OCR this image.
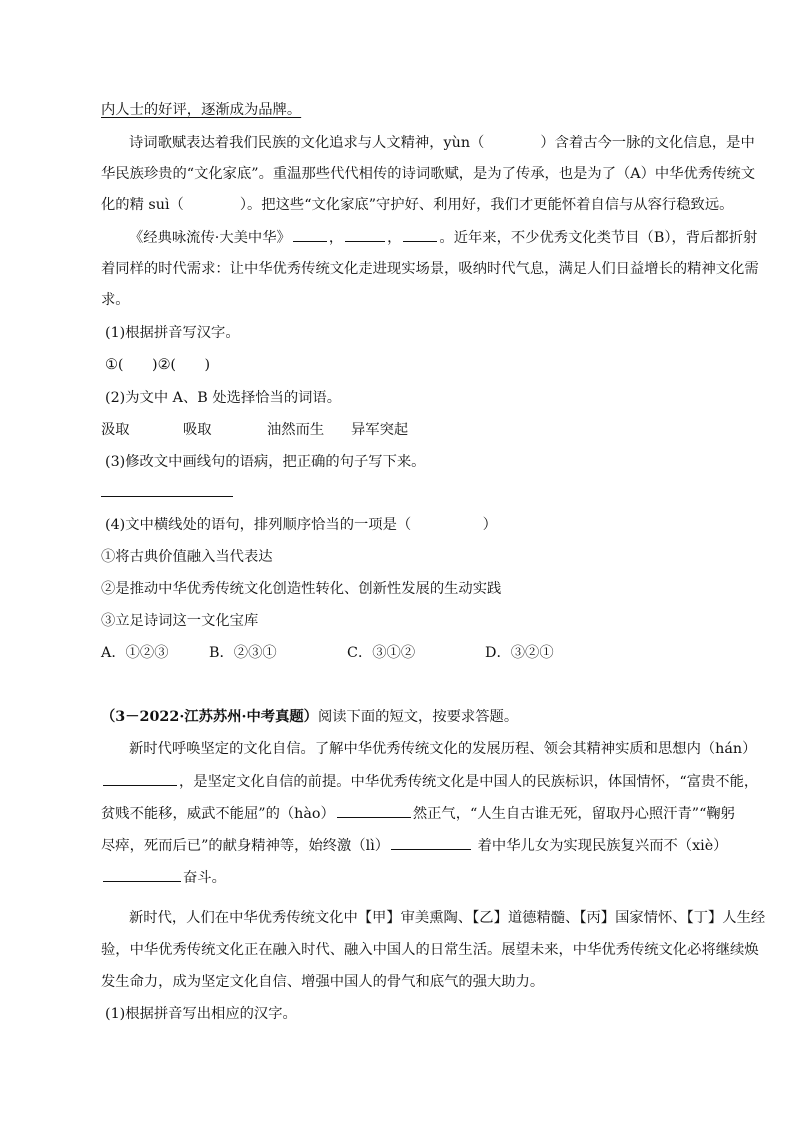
内人士的好评，逐渐成为品牌。
诗词歌赋表达着我们民族的文化追求与人文精神，yùn（	）含着古今一脉的文化信息，是中
华民族珍贵的“文化家底”。重温那些代代相传的诗词歌赋，是为了传承，也是为了（A）中华优秀传统文
化的精 suì（	）。把这些“文化家底”守护好、利用好，我们才更能怀着自信与从容行稳致远。
《经典咏流传·大美中华》	，	，	。近年来，不少优秀文化类节目（B），背后都折射
着同样的时代需求：让中华优秀传统文化走进现实场景，吸纳时代气息，满足人们日益增长的精神文化需
求。
(1)根据拼音写汉字。
①(　　)②(　　)
(2)为文中 A、B 处选择恰当的词语。
汲取	吸取	油然而生 异军突起
(3)修改文中画线句的语病，把正确的句子写下来。
(4)文中横线处的语句，排列顺序恰当的一项是（　　　　　）
①将古典价值融入当代表达
②是推动中华优秀传统文化创造性转化、创新性发展的生动实践
③立足诗词这一文化宝库
A．①②③	B．②③①	C．③①②	D．③②①
（3－2022·江苏苏州·中考真题）阅读下面的短文，按要求答题。
新时代呼唤坚定的文化自信。了解中华优秀传统文化的发展历程、领会其精神实质和思想内（hán）
，是坚定文化自信的前提。中华优秀传统文化是中国人的民族标识，体国情怀，“富贵不能，
贫贱不能移，威武不能屈”的（hào）	然正气，“人生自古谁无死，留取丹心照汗青”“鞠躬
尽瘁，死而后已”的献身精神等，始终激（lì）	着中华儿女为实现民族复兴而不（xiè）
奋斗。
新时代，人们在中华优秀传统文化中【甲】审美熏陶、【乙】道德精髓、【丙】国家情怀、【丁】人生经
验，中华优秀传统文化正在融入时代、融入中国人的日常生活。展望未来，中华优秀传统文化必将继续焕
发生命力，成为坚定文化自信、增强中国人的骨气和底气的强大助力。
(1)根据拼音写出相应的汉字。
